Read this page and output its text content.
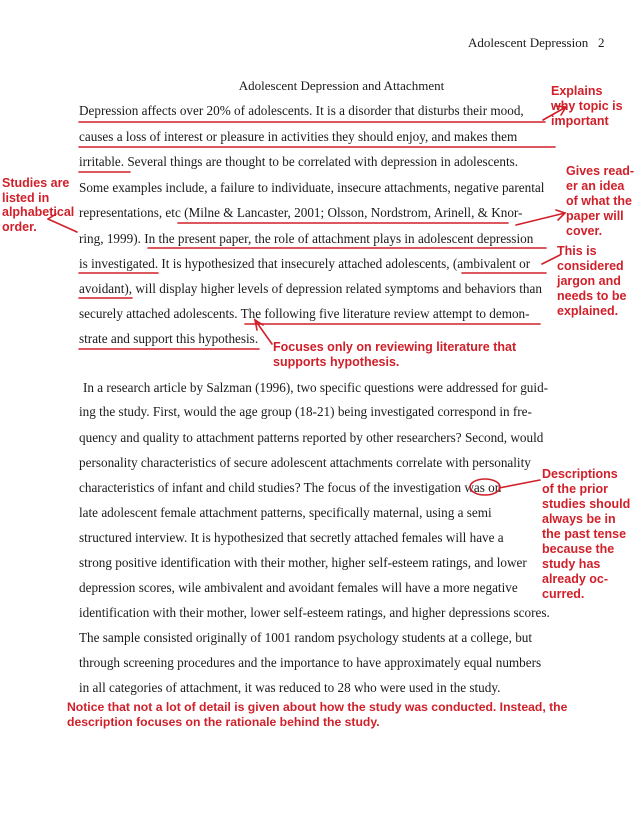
Adolescent Depression 2
Adolescent Depression and Attachment
Depression affects over 20% of adolescents. It is a disorder that disturbs their mood,
causes a loss of interest or pleasure in activities they should enjoy, and makes them
irritable. Several things are thought to be correlated with depression in adolescents.
Some examples include, a failure to individuate, insecure attachments, negative parental
representations, etc (Milne & Lancaster, 2001; Olsson, Nordstrom, Arinell, & Knor-
ring, 1999). In the present paper, the role of attachment plays in adolescent depression
is investigated. It is hypothesized that insecurely attached adolescents, (ambivalent or
avoidant), will display higher levels of depression related symptoms and behaviors than
securely attached adolescents. The following five literature review attempt to demon-
strate and support this hypothesis.
In a research article by Salzman (1996), two specific questions were addressed for guid-
ing the study. First, would the age group (18-21) being investigated correspond in fre-
quency and quality to attachment patterns reported by other researchers? Second, would
personality characteristics of secure adolescent attachments correlate with personality
characteristics of infant and child studies? The focus of the investigation was on
late adolescent female attachment patterns, specifically maternal, using a semi
structured interview. It is hypothesized that secretly attached females will have a
strong positive identification with their mother, higher self-esteem ratings, and lower
depression scores, wile ambivalent and avoidant females will have a more negative
identification with their mother, lower self-esteem ratings, and higher depressions scores.
The sample consisted originally of 1001 random psychology students at a college, but
through screening procedures and the importance to have approximately equal numbers
in all categories of attachment, it was reduced to 28 who were used in the study.
Explains
why topic is
important
Gives read-
er an idea
of what the
paper will
cover.
Studies are
listed in
alphabetical
order.
This is
considered
jargon and
needs to be
explained.
Focuses only on reviewing literature that
supports hypothesis.
Descriptions
of the prior
studies should
always be in
the past tense
because the
study has
already oc-
curred.
Notice that not a lot of detail is given about how the study was conducted. Instead, the
description focuses on the rationale behind the study.
